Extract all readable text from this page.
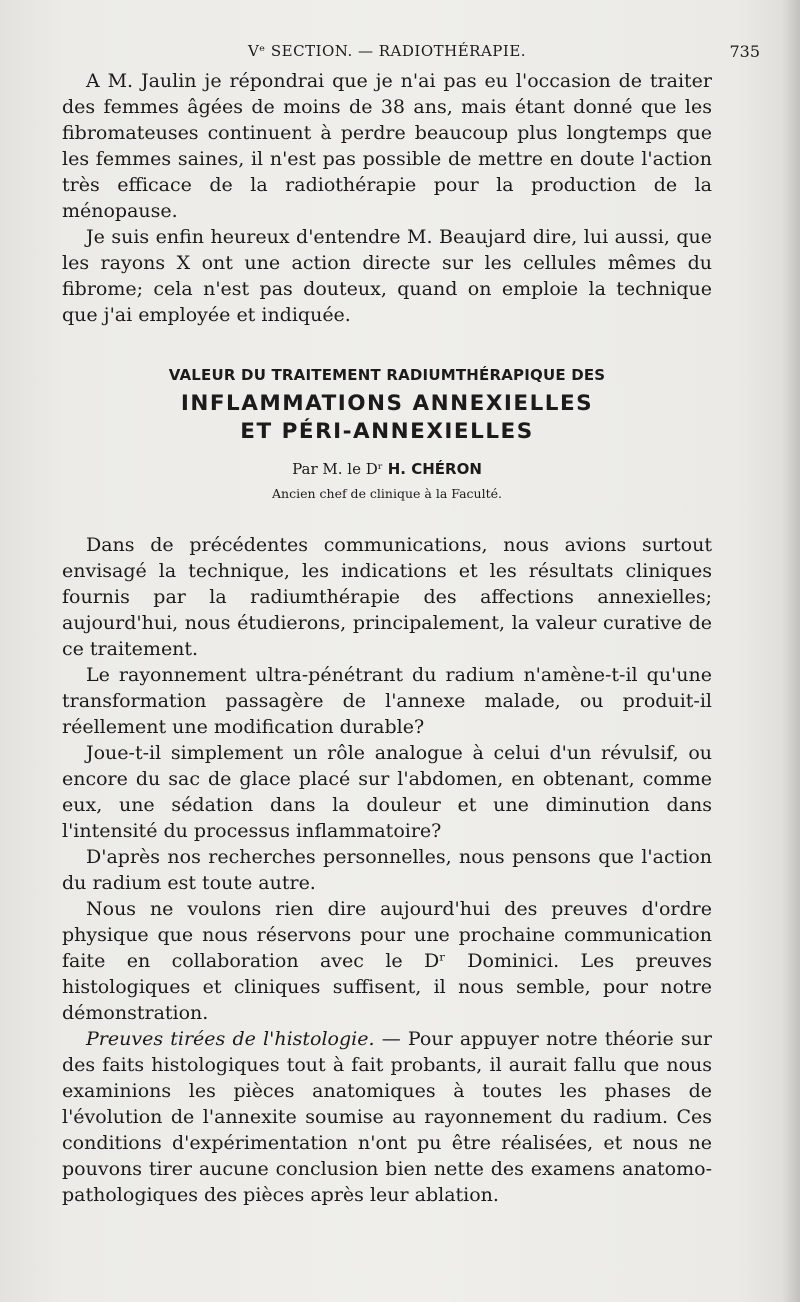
Vᵉ SECTION. — RADIOTHÉRAPIE.	735

A M. Jaulin je répondrai que je n'ai pas eu l'occasion de traiter des femmes âgées de moins de 38 ans, mais étant donné que les fibromateuses continuent à perdre beaucoup plus longtemps que les femmes saines, il n'est pas possible de mettre en doute l'action très efficace de la radiothérapie pour la production de la ménopause.

Je suis enfin heureux d'entendre M. Beaujard dire, lui aussi, que les rayons X ont une action directe sur les cellules mêmes du fibrome; cela n'est pas douteux, quand on emploie la technique que j'ai employée et indiquée.

VALEUR DU TRAITEMENT RADIUMTHÉRAPIQUE DES
INFLAMMATIONS ANNEXIELLES
ET PÉRI-ANNEXIELLES
Par M. le Dʳ H. CHÉRON
Ancien chef de clinique à la Faculté.

Dans de précédentes communications, nous avions surtout envisagé la technique, les indications et les résultats cliniques fournis par la radiumthérapie des affections annexielles; aujourd'hui, nous étudierons, principalement, la valeur curative de ce traitement.

Le rayonnement ultra-pénétrant du radium n'amène-t-il qu'une transformation passagère de l'annexe malade, ou produit-il réellement une modification durable?

Joue-t-il simplement un rôle analogue à celui d'un révulsif, ou encore du sac de glace placé sur l'abdomen, en obtenant, comme eux, une sédation dans la douleur et une diminution dans l'intensité du processus inflammatoire?

D'après nos recherches personnelles, nous pensons que l'action du radium est toute autre.

Nous ne voulons rien dire aujourd'hui des preuves d'ordre physique que nous réservons pour une prochaine communication faite en collaboration avec le Dʳ Dominici. Les preuves histologiques et cliniques suffisent, il nous semble, pour notre démonstration.

Preuves tirées de l'histologie. — Pour appuyer notre théorie sur des faits histologiques tout à fait probants, il aurait fallu que nous examinions les pièces anatomiques à toutes les phases de l'évolution de l'annexite soumise au rayonnement du radium. Ces conditions d'expérimentation n'ont pu être réalisées, et nous ne pouvons tirer aucune conclusion bien nette des examens anatomo-pathologiques des pièces après leur ablation.
